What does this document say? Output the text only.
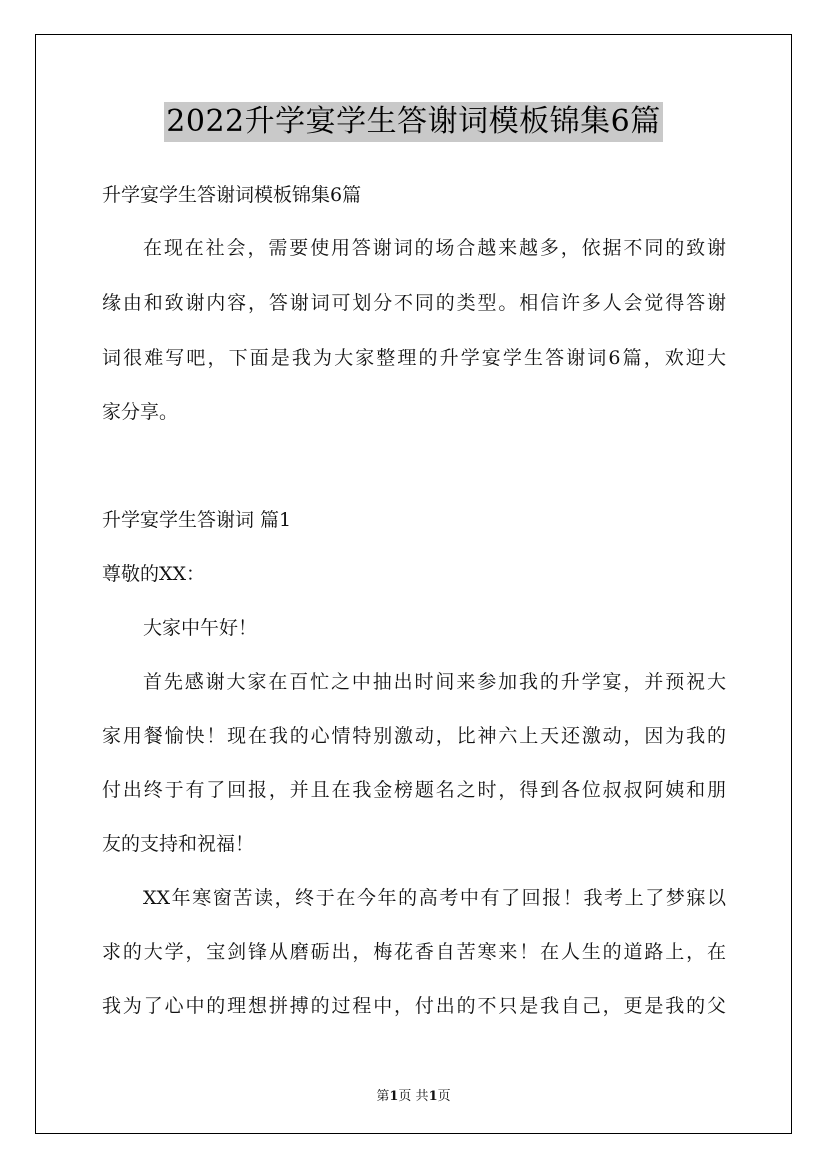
2022升学宴学生答谢词模板锦集6篇
升学宴学生答谢词模板锦集6篇
在现在社会，需要使用答谢词的场合越来越多，依据不同的致谢
缘由和致谢内容，答谢词可划分不同的类型。相信许多人会觉得答谢
词很难写吧，下面是我为大家整理的升学宴学生答谢词6篇，欢迎大
家分享。
升学宴学生答谢词 篇1
尊敬的XX：
大家中午好！
首先感谢大家在百忙之中抽出时间来参加我的升学宴，并预祝大
家用餐愉快！现在我的心情特别激动，比神六上天还激动，因为我的
付出终于有了回报，并且在我金榜题名之时，得到各位叔叔阿姨和朋
友的支持和祝福！
XX年寒窗苦读，终于在今年的高考中有了回报！我考上了梦寐以
求的大学，宝剑锋从磨砺出，梅花香自苦寒来！在人生的道路上，在
我为了心中的理想拼搏的过程中，付出的不只是我自己，更是我的父
第1页 共1页
